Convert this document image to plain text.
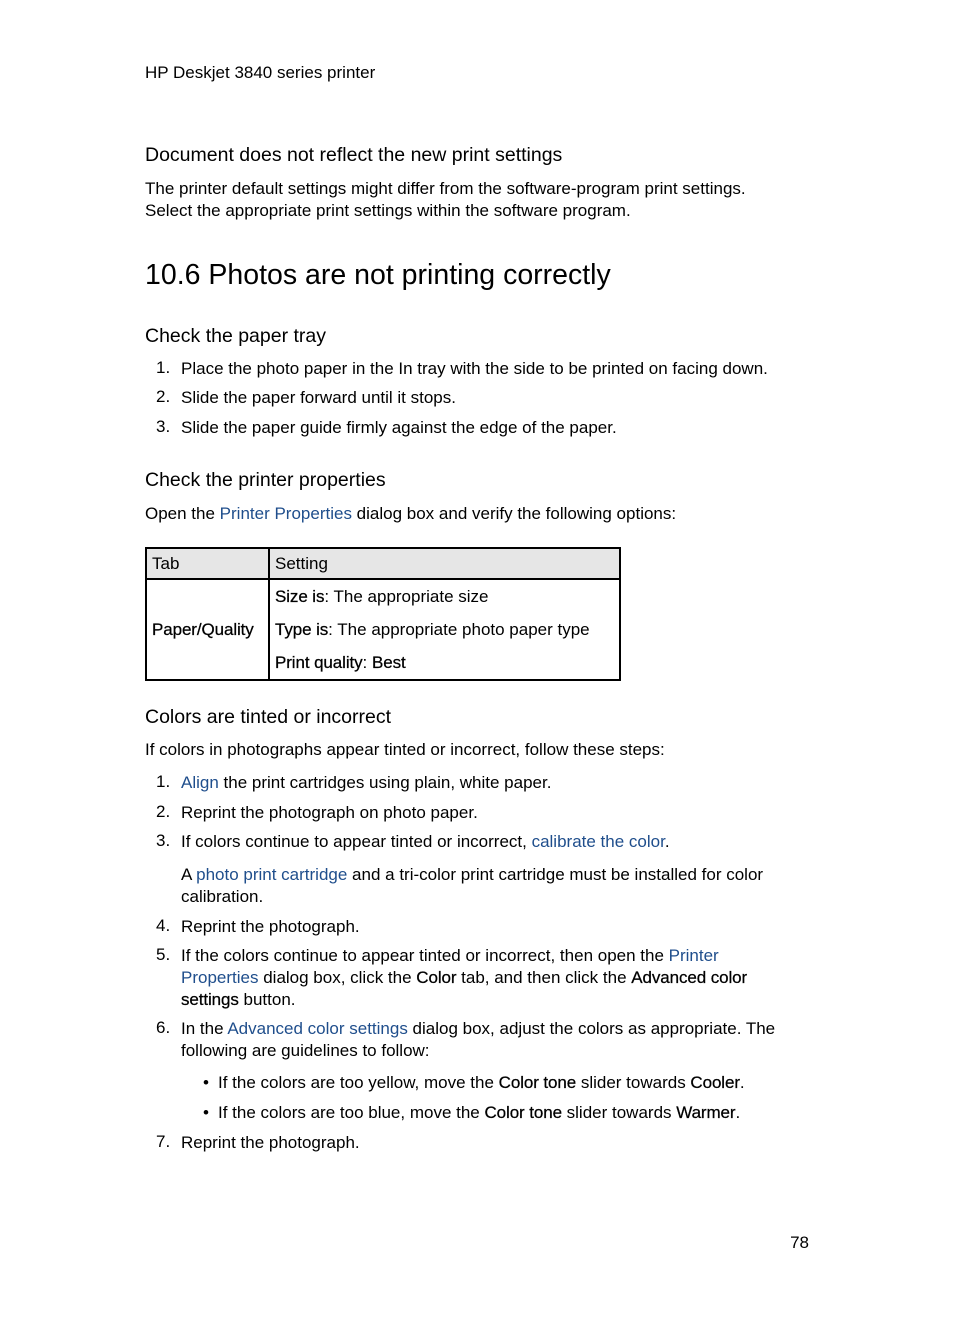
HP Deskjet 3840 series printer
Document does not reflect the new print settings

The printer default settings might differ from the software-program print settings.

Select the appropriate print settings within the software program.

10.6 Photos are not printing correctly
Check the paper tray
1. Place the photo paper in the In tray with the side to be printed on facing down.
2. Slide the paper forward until it stops.
3. Slide the paper guide firmly against the edge of the paper.
Check the printer properties

Open the Printer Properties dialog box and verify the following options:

Tab	Setting
Paper/Quality	Size is: The appropriate size
Type is: The appropriate photo paper type
Print quality: Best
Colors are tinted or incorrect

If colors in photographs appear tinted or incorrect, follow these steps:

1. Align the print cartridges using plain, white paper.
2. Reprint the photograph on photo paper.
3. If colors continue to appear tinted or incorrect, calibrate the color.
A photo print cartridge and a tri-color print cartridge must be installed for color
calibration.
4. Reprint the photograph.
5. If the colors continue to appear tinted or incorrect, then open the Printer
Properties dialog box, click the Color tab, and then click the Advanced color
settings button.
6. In the Advanced color settings dialog box, adjust the colors as appropriate. The
following are guidelines to follow:
• If the colors are too yellow, move the Color tone slider towards Cooler.
• If the colors are too blue, move the Color tone slider towards Warmer.
7. Reprint the photograph.
78
